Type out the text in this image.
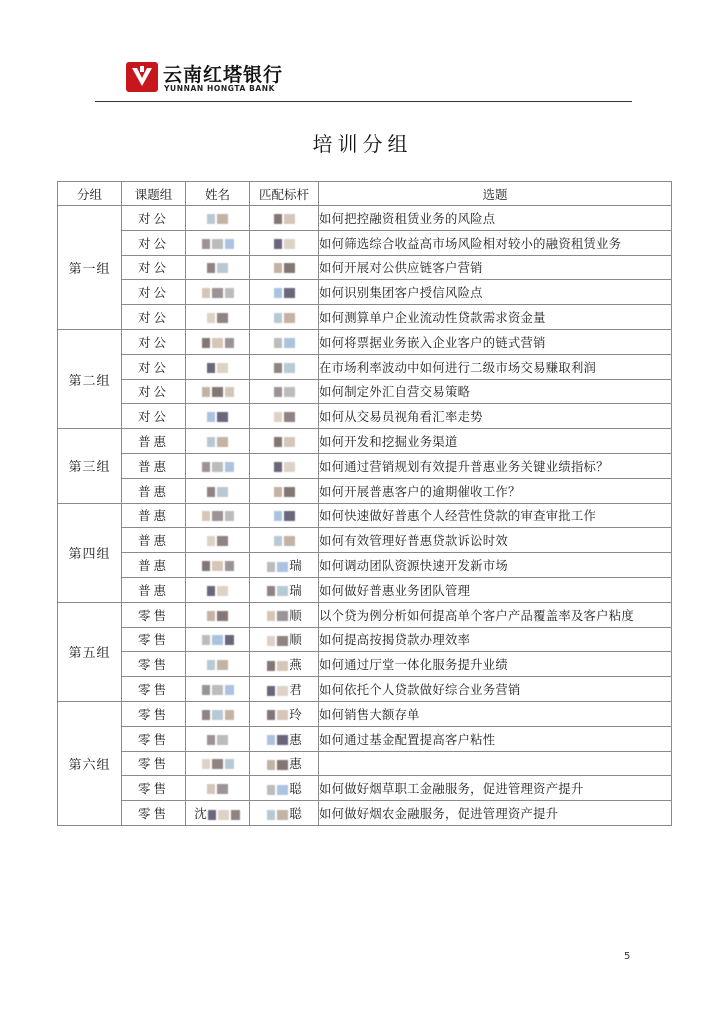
云南红塔银行
YUNNAN HONGTA BANK
培训分组
分组	课题组	姓名	匹配标杆	选题
第一组	对公			如何把控融资租赁业务的风险点
	对公			如何筛选综合收益高市场风险相对较小的融资租赁业务
	对公			如何开展对公供应链客户营销
	对公			如何识别集团客户授信风险点
	对公			如何测算单户企业流动性贷款需求资金量
第二组	对公			如何将票据业务嵌入企业客户的链式营销
	对公			在市场利率波动中如何进行二级市场交易赚取利润
	对公			如何制定外汇自营交易策略
	对公			如何从交易员视角看汇率走势
第三组	普惠			如何开发和挖掘业务渠道
	普惠			如何通过营销规划有效提升普惠业务关键业绩指标？
	普惠			如何开展普惠客户的逾期催收工作？
第四组	普惠			如何快速做好普惠个人经营性贷款的审查审批工作
	普惠			如何有效管理好普惠贷款诉讼时效
	普惠		瑞	如何调动团队资源快速开发新市场
	普惠		瑞	如何做好普惠业务团队管理
第五组	零售		顺	以个贷为例分析如何提高单个客户产品覆盖率及客户粘度
	零售		顺	如何提高按揭贷款办理效率
	零售		燕	如何通过厅堂一体化服务提升业绩
	零售		君	如何依托个人贷款做好综合业务营销
第六组	零售		玲	如何销售大额存单
	零售		惠	如何通过基金配置提高客户粘性
	零售		惠	
	零售		聪	如何做好烟草职工金融服务，促进管理资产提升
	零售	沈	聪	如何做好烟农金融服务，促进管理资产提升
5
